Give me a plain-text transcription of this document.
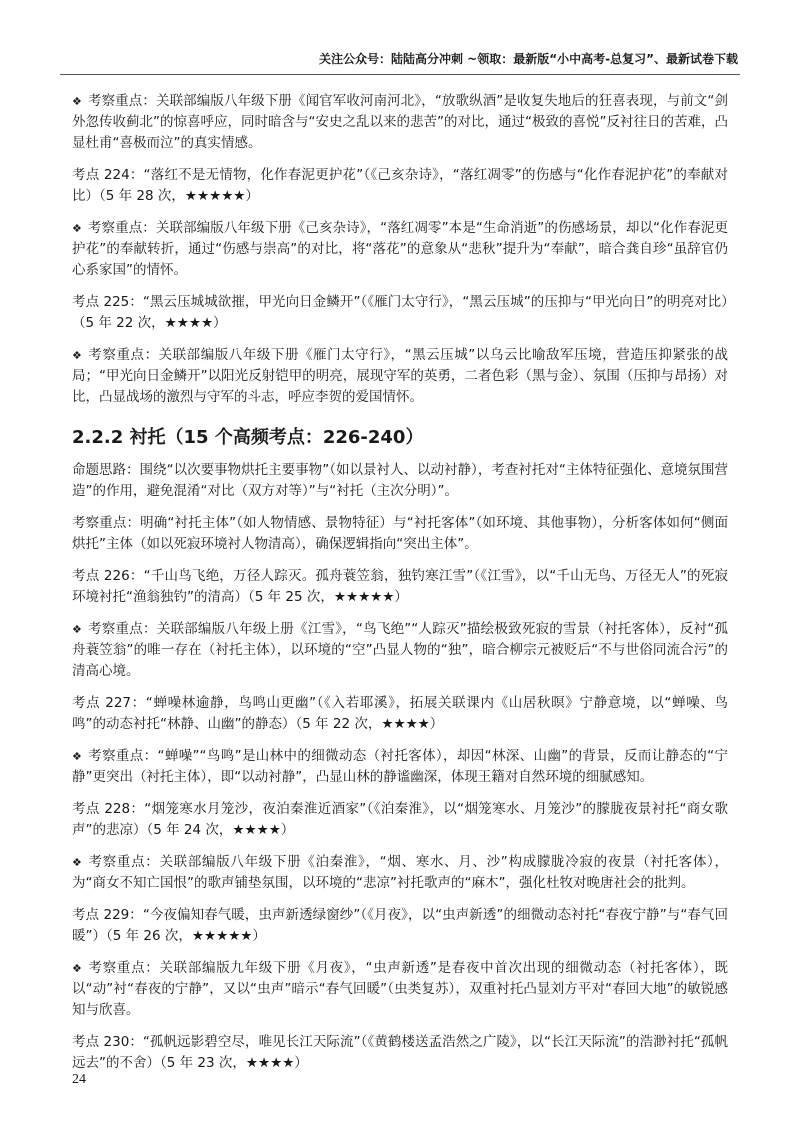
关注公众号：陆陆高分冲刺 ~领取：最新版“小中高考-总复习”、最新试卷下载

❖ 考察重点：关联部编版八年级下册《闻官军收河南河北》，“放歌纵酒”是收复失地后的狂喜表现，与前文“剑外忽传收蓟北”的惊喜呼应，同时暗含与“安史之乱以来的悲苦”的对比，通过“极致的喜悦”反衬往日的苦难，凸显杜甫“喜极而泣”的真实情感。

考点 224：“落红不是无情物，化作春泥更护花”（《己亥杂诗》，“落红凋零”的伤感与“化作春泥护花”的奉献对比）（5 年 28 次，★★★★★）

❖ 考察重点：关联部编版八年级下册《己亥杂诗》，“落红凋零”本是“生命消逝”的伤感场景，却以“化作春泥更护花”的奉献转折，通过“伤感与崇高”的对比，将“落花”的意象从“悲秋”提升为“奉献”，暗合龚自珍“虽辞官仍心系家国”的情怀。

考点 225：“黑云压城城欲摧，甲光向日金鳞开”（《雁门太守行》，“黑云压城”的压抑与“甲光向日”的明亮对比）（5 年 22 次，★★★★）

❖ 考察重点：关联部编版八年级下册《雁门太守行》，“黑云压城”以乌云比喻敌军压境，营造压抑紧张的战局；“甲光向日金鳞开”以阳光反射铠甲的明亮，展现守军的英勇，二者色彩（黑与金）、氛围（压抑与昂扬）对比，凸显战场的激烈与守军的斗志，呼应李贺的爱国情怀。

2.2.2 衬托（15 个高频考点：226-240）

命题思路：围绕“以次要事物烘托主要事物”（如以景衬人、以动衬静），考查衬托对“主体特征强化、意境氛围营造”的作用，避免混淆“对比（双方对等）”与“衬托（主次分明）”。

考察重点：明确“衬托主体”（如人物情感、景物特征）与“衬托客体”（如环境、其他事物），分析客体如何“侧面烘托”主体（如以死寂环境衬人物清高），确保逻辑指向“突出主体”。

考点 226：“千山鸟飞绝，万径人踪灭。孤舟蓑笠翁，独钓寒江雪”（《江雪》，以“千山无鸟、万径无人”的死寂环境衬托“渔翁独钓”的清高）（5 年 25 次，★★★★★）

❖ 考察重点：关联部编版八年级上册《江雪》，“鸟飞绝”“人踪灭”描绘极致死寂的雪景（衬托客体），反衬“孤舟蓑笠翁”的唯一存在（衬托主体），以环境的“空”凸显人物的“独”，暗合柳宗元被贬后“不与世俗同流合污”的清高心境。

考点 227：“蝉噪林逾静，鸟鸣山更幽”（《入若耶溪》，拓展关联课内《山居秋暝》宁静意境，以“蝉噪、鸟鸣”的动态衬托“林静、山幽”的静态）（5 年 22 次，★★★★）

❖ 考察重点：“蝉噪”“鸟鸣”是山林中的细微动态（衬托客体），却因“林深、山幽”的背景，反而让静态的“宁静”更突出（衬托主体），即“以动衬静”，凸显山林的静谧幽深，体现王籍对自然环境的细腻感知。

考点 228：“烟笼寒水月笼沙，夜泊秦淮近酒家”（《泊秦淮》，以“烟笼寒水、月笼沙”的朦胧夜景衬托“商女歌声”的悲凉）（5 年 24 次，★★★★）

❖ 考察重点：关联部编版八年级下册《泊秦淮》，“烟、寒水、月、沙”构成朦胧冷寂的夜景（衬托客体），为“商女不知亡国恨”的歌声铺垫氛围，以环境的“悲凉”衬托歌声的“麻木”，强化杜牧对晚唐社会的批判。

考点 229：“今夜偏知春气暖，虫声新透绿窗纱”（《月夜》，以“虫声新透”的细微动态衬托“春夜宁静”与“春气回暖”）（5 年 26 次，★★★★★）

❖ 考察重点：关联部编版九年级下册《月夜》，“虫声新透”是春夜中首次出现的细微动态（衬托客体），既以“动”衬“春夜的宁静”，又以“虫声”暗示“春气回暖”（虫类复苏），双重衬托凸显刘方平对“春回大地”的敏锐感知与欣喜。

考点 230：“孤帆远影碧空尽，唯见长江天际流”（《黄鹤楼送孟浩然之广陵》，以“长江天际流”的浩渺衬托“孤帆远去”的不舍）（5 年 23 次，★★★★）

24
